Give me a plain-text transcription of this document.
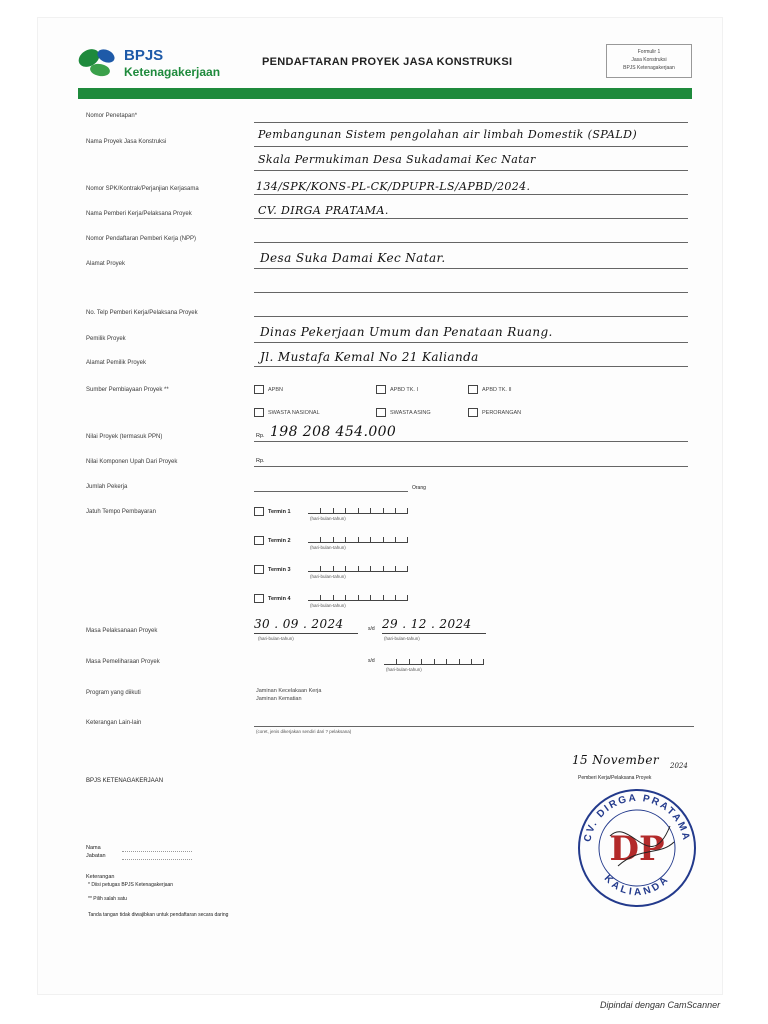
BPJS
Ketenagakerjaan
PENDAFTARAN PROYEK JASA KONSTRUKSI
Formulir 1
Jasa Konstruksi
BPJS Ketenagakerjaan
Nomor Penetapan*
Nama Proyek Jasa Konstruksi
Pembangunan Sistem pengolahan air limbah Domestik (SPALD)
Skala Permukiman Desa Sukadamai Kec Natar
Nomor SPK/Kontrak/Perjanjian Kerjasama	134/SPK/KONS-PL-CK/DPUPR-LS/APBD/2024.
Nama Pemberi Kerja/Pelaksana Proyek	CV. DIRGA PRATAMA.
Nomor Pendaftaran Pemberi Kerja (NPP)
Alamat Proyek	Desa Suka Damai Kec Natar.
No. Telp Pemberi Kerja/Pelaksana Proyek
Pemilik Proyek	Dinas Pekerjaan Umum dan Penataan Ruang.
Alamat Pemilik Proyek	Jl. Mustafa Kemal No 21 Kalianda
Sumber Pembiayaan Proyek **	APBN	APBD TK. I	APBD TK. II
SWASTA NASIONAL	SWASTA ASING	PERORANGAN
Nilai Proyek (termasuk PPN)	Rp. 198 208 454.000
Nilai Komponen Upah Dari Proyek	Rp.
Jumlah Pekerja	Orang
Jatuh Tempo Pembayaran	Termin 1
(hari-bulan-tahun)
Termin 2
(hari-bulan-tahun)
Termin 3
(hari-bulan-tahun)
Termin 4
(hari-bulan-tahun)
Masa Pelaksanaan Proyek	30 . 09 . 2024
(hari-bulan-tahun)
s/d 29 . 12 . 2024
(hari-bulan-tahun)
Masa Pemeliharaan Proyek	s/d
(hari-bulan-tahun)
Program yang diikuti	Jaminan Kecelakaan Kerja
Jaminan Kematian
Keterangan Lain-lain
(coret, jenis dikerjakan sendiri dari ? pelaksana)
BPJS KETENAGAKERJAAN
15 November 2024
Pemberi Kerja/Pelaksana Proyek
CV. DIRGA PRATAMA
KALIANDA
DP
Nama
Jabatan
Keterangan
* Diisi petugas BPJS Ketenagakerjaan
** Pilih salah satu
Tanda tangan tidak diwajibkan untuk pendaftaran secara daring
Dipindai dengan CamScanner
